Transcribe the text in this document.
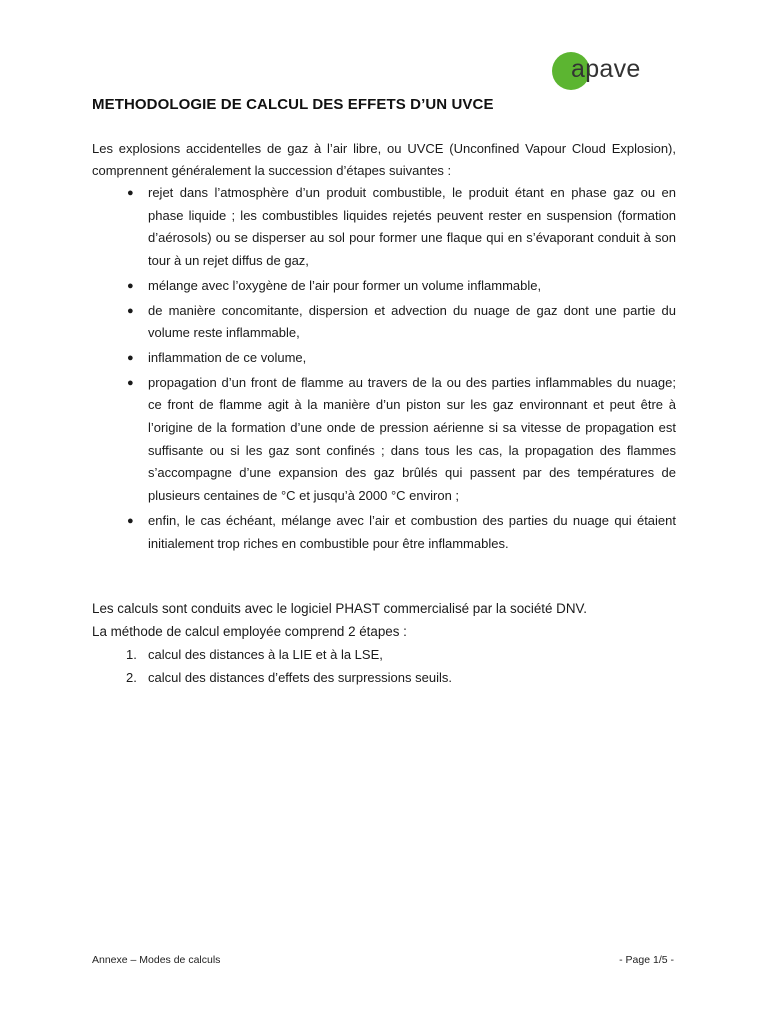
apave
METHODOLOGIE DE CALCUL DES EFFETS D’UN UVCE

Les explosions accidentelles de gaz à l’air libre, ou UVCE (Unconfined Vapour Cloud Explosion), comprennent généralement la succession d’étapes suivantes :

● rejet dans l’atmosphère d’un produit combustible, le produit étant en phase gaz ou en phase liquide ; les combustibles liquides rejetés peuvent rester en suspension (formation d’aérosols) ou se disperser au sol pour former une flaque qui en s’évaporant conduit à son tour à un rejet diffus de gaz,
● mélange avec l’oxygène de l’air pour former un volume inflammable,
● de manière concomitante, dispersion et advection du nuage de gaz dont une partie du volume reste inflammable,
● inflammation de ce volume,
● propagation d’un front de flamme au travers de la ou des parties inflammables du nuage; ce front de flamme agit à la manière d’un piston sur les gaz environnant et peut être à l’origine de la formation d’une onde de pression aérienne si sa vitesse de propagation est suffisante ou si les gaz sont confinés ; dans tous les cas, la propagation des flammes s’accompagne d’une expansion des gaz brûlés qui passent par des températures de plusieurs centaines de °C et jusqu’à 2000 °C environ ;
● enfin, le cas échéant, mélange avec l’air et combustion des parties du nuage qui étaient initialement trop riches en combustible pour être inflammables.

Les calculs sont conduits avec le logiciel PHAST commercialisé par la société DNV.

La méthode de calcul employée comprend 2 étapes :

1. calcul des distances à la LIE et à la LSE,
2. calcul des distances d’effets des surpressions seuils.
Annexe – Modes de calculs	- Page 1/5 -
